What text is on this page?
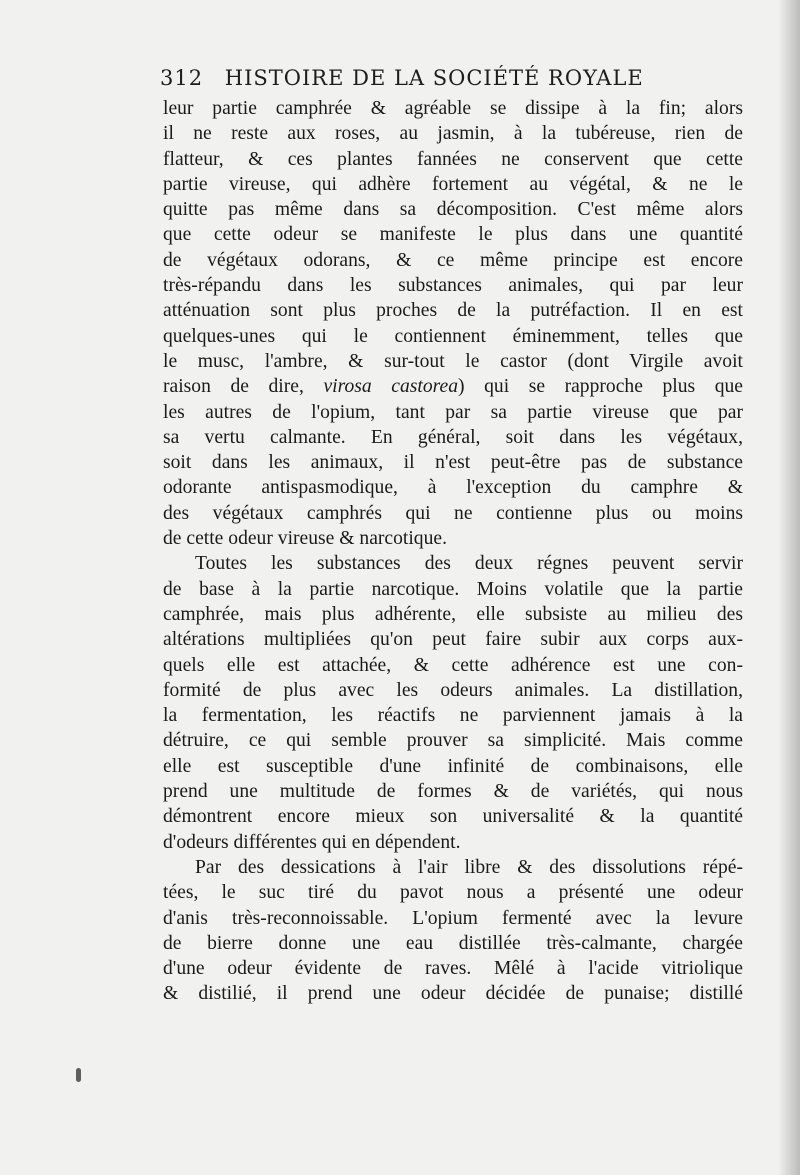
312 HISTOIRE DE LA SOCIÉTÉ ROYALE
leur partie camphrée & agréable se dissipe à la fin; alors
il ne reste aux roses, au jasmin, à la tubéreuse, rien de
flatteur, & ces plantes fannées ne conservent que cette
partie vireuse, qui adhère fortement au végétal, & ne le
quitte pas même dans sa décomposition. C'est même alors
que cette odeur se manifeste le plus dans une quantité
de végétaux odorans, & ce même principe est encore
très-répandu dans les substances animales, qui par leur
atténuation sont plus proches de la putréfaction. Il en est
quelques-unes qui le contiennent éminemment, telles que
le musc, l'ambre, & sur-tout le castor (dont Virgile avoit
raison de dire, virosa castorea) qui se rapproche plus que
les autres de l'opium, tant par sa partie vireuse que par
sa vertu calmante. En général, soit dans les végétaux,
soit dans les animaux, il n'est peut-être pas de substance
odorante antispasmodique, à l'exception du camphre &
des végétaux camphrés qui ne contienne plus ou moins
de cette odeur vireuse & narcotique.
Toutes les substances des deux régnes peuvent servir
de base à la partie narcotique. Moins volatile que la partie
camphrée, mais plus adhérente, elle subsiste au milieu des
altérations multipliées qu'on peut faire subir aux corps aux-
quels elle est attachée, & cette adhérence est une con-
formité de plus avec les odeurs animales. La distillation,
la fermentation, les réactifs ne parviennent jamais à la
détruire, ce qui semble prouver sa simplicité. Mais comme
elle est susceptible d'une infinité de combinaisons, elle
prend une multitude de formes & de variétés, qui nous
démontrent encore mieux son universalité & la quantité
d'odeurs différentes qui en dépendent.
Par des dessications à l'air libre & des dissolutions répé-
tées, le suc tiré du pavot nous a présenté une odeur
d'anis très-reconnoissable. L'opium fermenté avec la levure
de bierre donne une eau distillée très-calmante, chargée
d'une odeur évidente de raves. Mêlé à l'acide vitriolique
& distilié, il prend une odeur décidée de punaise; distillé
